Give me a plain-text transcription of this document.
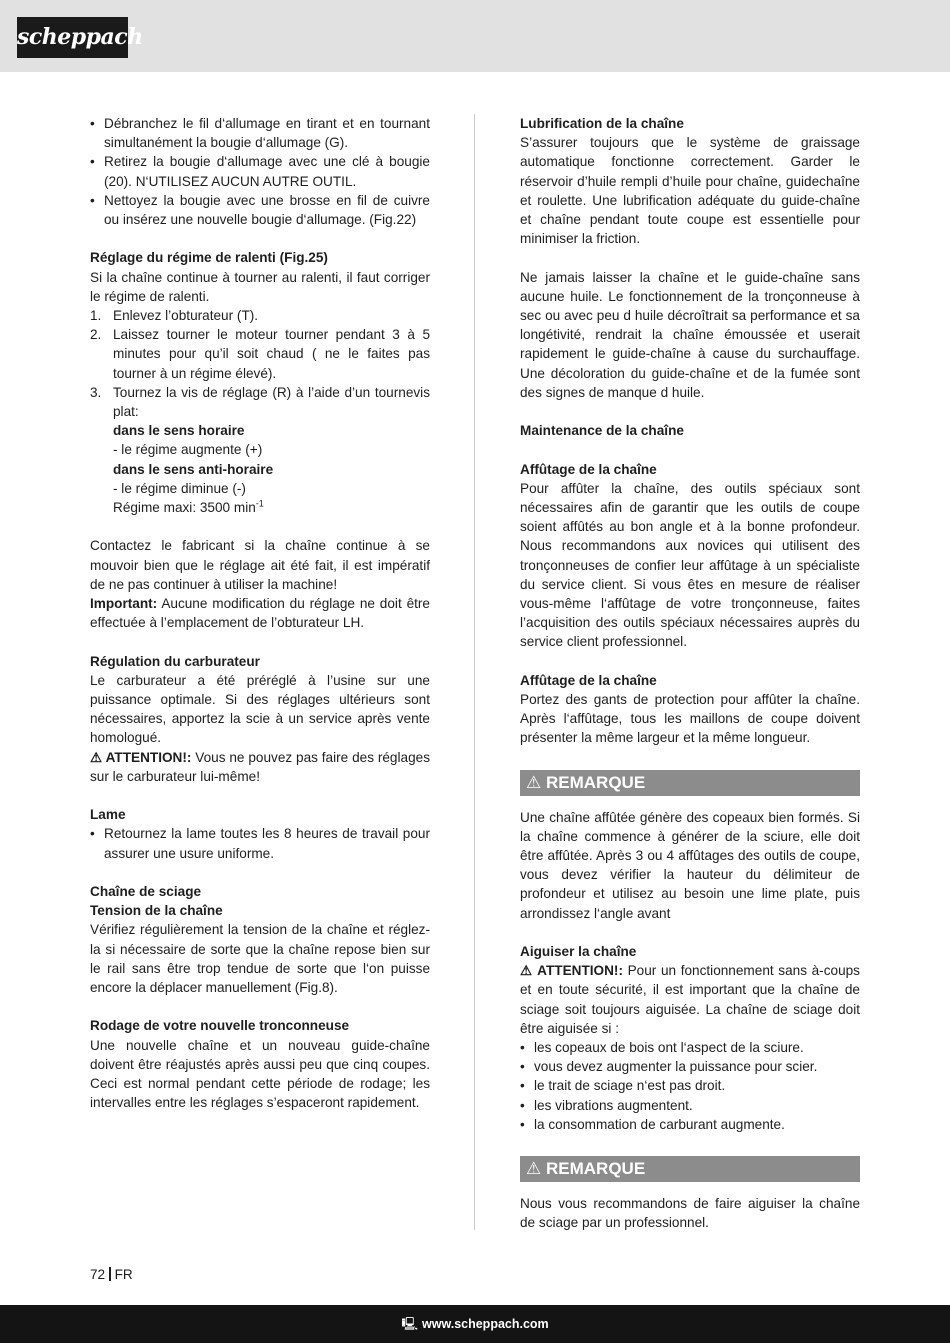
scheppach
• Débranchez le fil d‘allumage en tirant et en tournant simultanément la bougie d‘allumage (G).
• Retirez la bougie d‘allumage avec une clé à bougie (20). N‘UTILISEZ AUCUN AUTRE OUTIL.
• Nettoyez la bougie avec une brosse en fil de cuivre ou insérez une nouvelle bougie d‘allumage. (Fig.22)
Réglage du régime de ralenti (Fig.25)

Si la chaîne continue à tourner au ralenti, il faut corriger le régime de ralenti.

1. Enlevez l’obturateur (T).
2. Laissez tourner le moteur tourner pendant 3 à 5 minutes pour qu’il soit chaud ( ne le faites pas tourner à un régime élevé).
3. Tournez la vis de réglage (R) à l’aide d’un tournevis plat:
dans le sens horaire
- le régime augmente (+)
dans le sens anti-horaire
- le régime diminue (-)
Régime maxi: 3500 $\min^{-1}$

Contactez le fabricant si la chaîne continue à se mouvoir bien que le réglage ait été fait, il est impératif de ne pas continuer à utiliser la machine!

Important: Aucune modification du réglage ne doit être effectuée à l’emplacement de l’obturateur LH.

Régulation du carburateur

Le carburateur a été préréglé à l’usine sur une puissance optimale. Si des réglages ultérieurs sont nécessaires, apportez la scie à un service après vente homologué.

⚠ ATTENTION!: Vous ne pouvez pas faire des réglages sur le carburateur lui-même!

Lame
• Retournez la lame toutes les 8 heures de travail pour assurer une usure uniforme.
Chaîne de sciage
Tension de la chaîne

Vérifiez régulièrement la tension de la chaîne et réglez-la si nécessaire de sorte que la chaîne repose bien sur le rail sans être trop tendue de sorte que l‘on puisse encore la déplacer manuellement (Fig.8).

Rodage de votre nouvelle tronconneuse

Une nouvelle chaîne et un nouveau guide-chaîne doivent être réajustés après aussi peu que cinq coupes. Ceci est normal pendant cette période de rodage; les intervalles entre les réglages s’espaceront rapidement.

Lubrification de la chaîne

S’assurer toujours que le système de graissage automatique fonctionne correctement. Garder le réservoir d’huile rempli d’huile pour chaîne, guidechaîne et roulette. Une lubrification adéquate du guide-chaîne et chaîne pendant toute coupe est essentielle pour minimiser la friction.

Ne jamais laisser la chaîne et le guide-chaîne sans aucune huile. Le fonctionnement de la tronçonneuse à sec ou avec peu d huile décroîtrait sa performance et sa longétivité, rendrait la chaîne émoussée et userait rapidement le guide-chaîne à cause du surchauffage. Une décoloration du guide-chaîne et de la fumée sont des signes de manque d huile.

Maintenance de la chaîne
Affûtage de la chaîne

Pour affûter la chaîne, des outils spéciaux sont nécessaires afin de garantir que les outils de coupe soient affûtés au bon angle et à la bonne profondeur. Nous recommandons aux novices qui utilisent des tronçonneuses de confier leur affûtage à un spécialiste du service client. Si vous êtes en mesure de réaliser vous-même l‘affûtage de votre tronçonneuse, faites l’acquisition des outils spéciaux nécessaires auprès du service client professionnel.

Affûtage de la chaîne

Portez des gants de protection pour affûter la chaîne. Après l‘affûtage, tous les maillons de coupe doivent présenter la même largeur et la même longueur.

⚠ REMARQUE

Une chaîne affûtée génère des copeaux bien formés. Si la chaîne commence à générer de la sciure, elle doit être affûtée. Après 3 ou 4 affûtages des outils de coupe, vous devez vérifier la hauteur du délimiteur de profondeur et utilisez au besoin une lime plate, puis arrondissez l‘angle avant

Aiguiser la chaîne

⚠ ATTENTION!: Pour un fonctionnement sans à-coups et en toute sécurité, il est important que la chaîne de sciage soit toujours aiguisée. La chaîne de sciage doit être aiguisée si :

• les copeaux de bois ont l‘aspect de la sciure.
• vous devez augmenter la puissance pour scier.
• le trait de sciage n‘est pas droit.
• les vibrations augmentent.
• la consommation de carburant augmente.
⚠ REMARQUE

Nous vous recommandons de faire aiguiser la chaîne de sciage par un professionnel.

72 FR
🖳 www.scheppach.com
